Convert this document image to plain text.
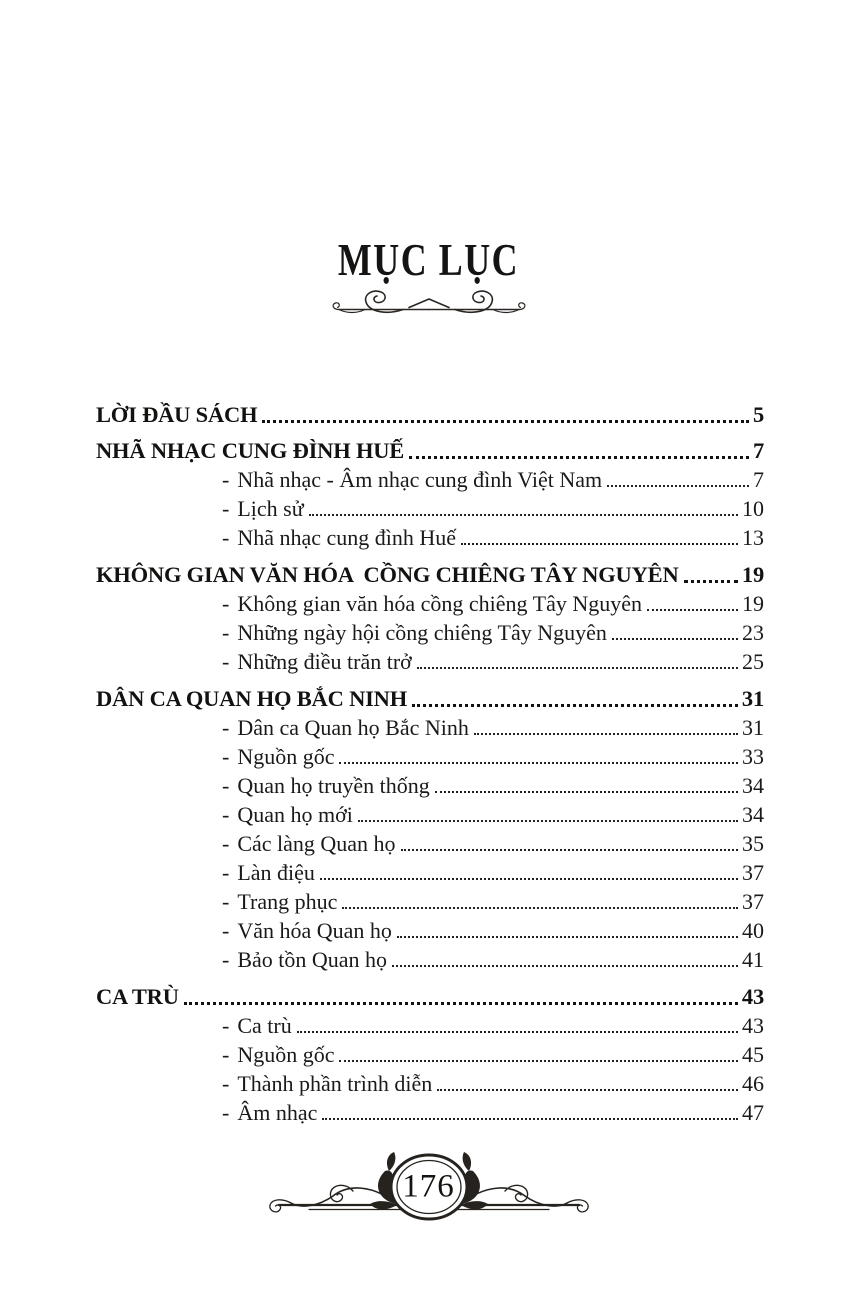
MỤC LỤC
LỜI ĐẦU SÁCH	5
NHÃ NHẠC CUNG ĐÌNH HUẾ	7
- Nhã nhạc - Âm nhạc cung đình Việt Nam	7
- Lịch sử	10
- Nhã nhạc cung đình Huế	13
KHÔNG GIAN VĂN HÓA  CỒNG CHIÊNG TÂY NGUYÊN	19
- Không gian văn hóa cồng chiêng Tây Nguyên	19
- Những ngày hội cồng chiêng Tây Nguyên	23
- Những điều trăn trở	25
DÂN CA QUAN HỌ BẮC NINH	31
- Dân ca Quan họ Bắc Ninh	31
- Nguồn gốc	33
- Quan họ truyền thống	34
- Quan họ mới	34
- Các làng Quan họ	35
- Làn điệu	37
- Trang phục	37
- Văn hóa Quan họ	40
- Bảo tồn Quan họ	41
CA TRÙ	43
- Ca trù	43
- Nguồn gốc	45
- Thành phần trình diễn	46
- Âm nhạc	47
176
